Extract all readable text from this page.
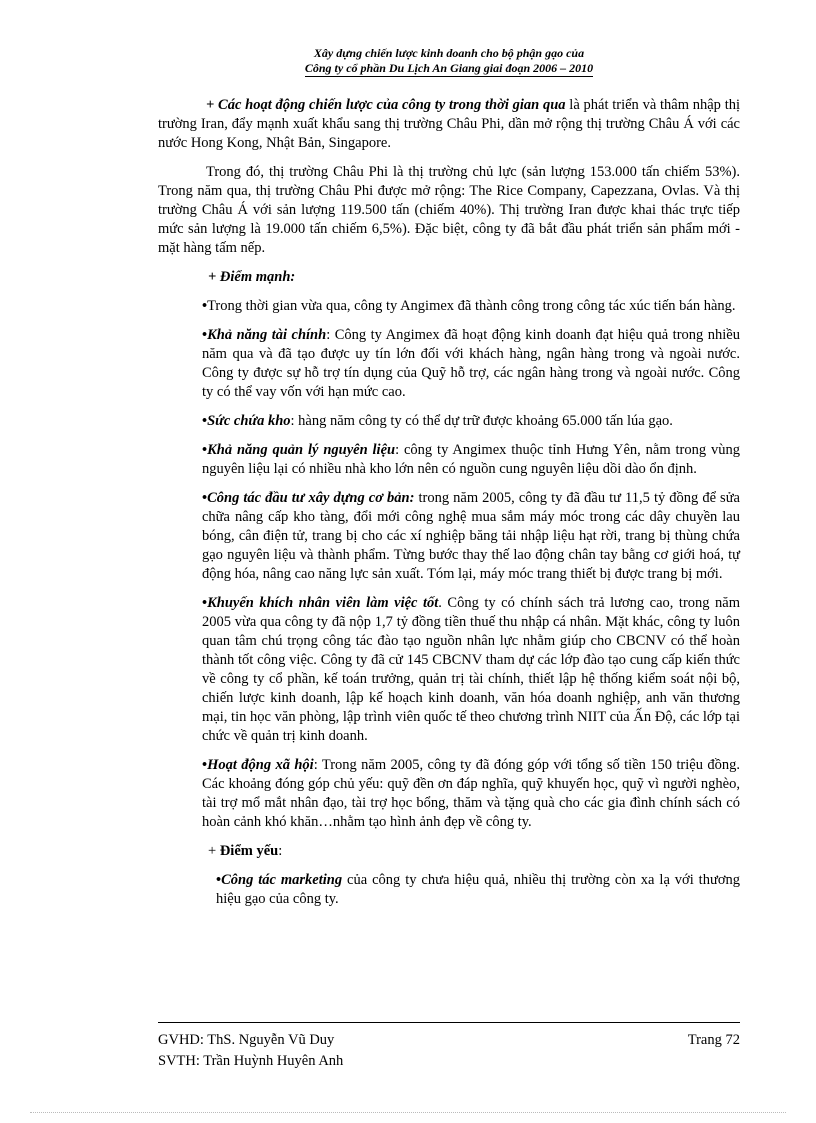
Xây dựng chiến lược kinh doanh cho bộ phận gạo của
Công ty cổ phần Du Lịch An Giang giai đoạn 2006 – 2010

+ Các hoạt động chiến lược của công ty trong thời gian qua là phát triển và thâm nhập thị trường Iran, đẩy mạnh xuất khẩu sang thị trường Châu Phi, dần mở rộng thị trường Châu Á với các nước Hong Kong, Nhật Bản, Singapore.

Trong đó, thị trường Châu Phi là thị trường chủ lực (sản lượng 153.000 tấn chiếm 53%). Trong năm qua, thị trường Châu Phi được mở rộng: The Rice Company, Capezzana, Ovlas. Và thị trường Châu Á với sản lượng 119.500 tấn (chiếm 40%). Thị trường Iran được khai thác trực tiếp mức sản lượng là 19.000 tấn chiếm 6,5%). Đặc biệt, công ty đã bắt đầu phát triển sản phẩm mới - mặt hàng tấm nếp.

+ Điểm mạnh:

•Trong thời gian vừa qua, công ty Angimex đã thành công trong công tác xúc tiến bán hàng.

•Khả năng tài chính: Công ty Angimex đã hoạt động kinh doanh đạt hiệu quả trong nhiều năm qua và đã tạo được uy tín lớn đối với khách hàng, ngân hàng trong và ngoài nước. Công ty được sự hỗ trợ tín dụng của Quỹ hỗ trợ, các ngân hàng trong và ngoài nước. Công ty có thể vay vốn với hạn mức cao.

•Sức chứa kho: hàng năm công ty có thể dự trữ được khoảng 65.000 tấn lúa gạo.

•Khả năng quản lý nguyên liệu: công ty Angimex thuộc tỉnh Hưng Yên, nằm trong vùng nguyên liệu lại có nhiều nhà kho lớn nên có nguồn cung nguyên liệu dồi dào ổn định.

•Công tác đầu tư xây dựng cơ bản: trong năm 2005, công ty đã đầu tư 11,5 tỷ đồng để sửa chữa nâng cấp kho tàng, đổi mới công nghệ mua sắm máy móc trong các dây chuyền lau bóng, cân điện tử, trang bị cho các xí nghiệp băng tải nhập liệu hạt rời, trang bị thùng chứa gạo nguyên liệu và thành phẩm. Từng bước thay thế lao động chân tay bằng cơ giới hoá, tự động hóa, nâng cao năng lực sản xuất. Tóm lại, máy móc trang thiết bị được trang bị mới.

•Khuyến khích nhân viên làm việc tốt. Công ty có chính sách trả lương cao, trong năm 2005 vừa qua công ty đã nộp 1,7 tỷ đồng tiền thuế thu nhập cá nhân. Mặt khác, công ty luôn quan tâm chú trọng công tác đào tạo nguồn nhân lực nhằm giúp cho CBCNV có thể hoàn thành tốt công việc. Công ty đã cử 145 CBCNV tham dự các lớp đào tạo cung cấp kiến thức về công ty cổ phần, kế toán trưởng, quản trị tài chính, thiết lập hệ thống kiểm soát nội bộ, chiến lược kinh doanh, lập kế hoạch kinh doanh, văn hóa doanh nghiệp, anh văn thương mại, tin học văn phòng, lập trình viên quốc tế theo chương trình NIIT của Ấn Độ, các lớp tại chức về quản trị kinh doanh.

•Hoạt động xã hội: Trong năm 2005, công ty đã đóng góp với tổng số tiền 150 triệu đồng. Các khoảng đóng góp chủ yếu: quỹ đền ơn đáp nghĩa, quỹ khuyến học, quỹ vì người nghèo, tài trợ mổ mắt nhân đạo, tài trợ học bổng, thăm và tặng quà cho các gia đình chính sách có hoàn cảnh khó khăn…nhằm tạo hình ảnh đẹp về công ty.

+ Điểm yếu:

•Công tác marketing của công ty chưa hiệu quả, nhiều thị trường còn xa lạ với thương hiệu gạo của công ty.

GVHD: ThS. Nguyễn Vũ Duy	Trang 72
SVTH: Trần Huỳnh Huyên Anh
